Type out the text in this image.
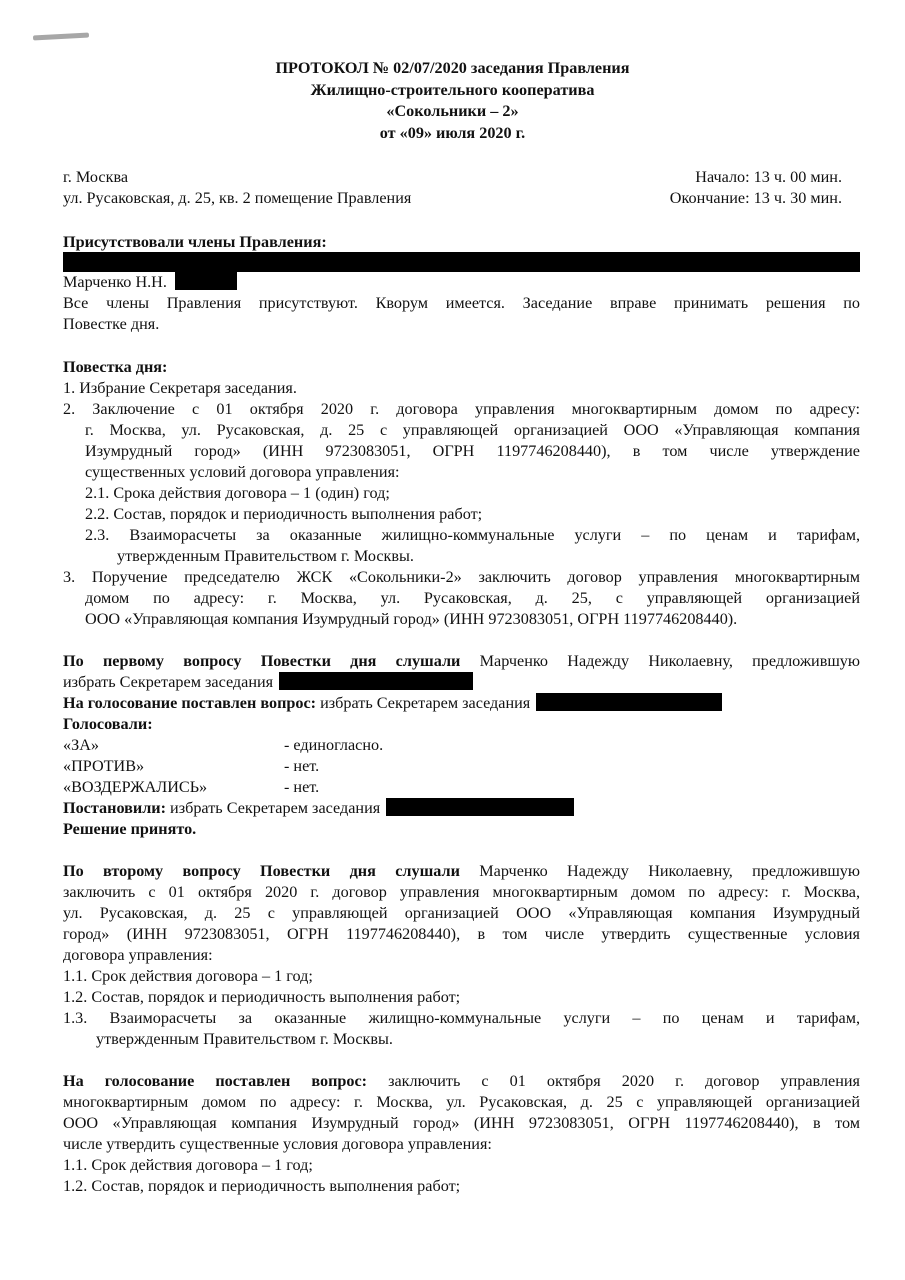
ПРОТОКОЛ № 02/07/2020 заседания Правления
Жилищно-строительного кооператива
«Сокольники – 2»
от «09» июля 2020 г.
г. Москва
ул. Русаковская, д. 25, кв. 2 помещение Правления
Начало: 13 ч. 00 мин.
Окончание: 13 ч. 30 мин.
Присутствовали члены Правления:
Марченко Н.Н.
Все члены Правления присутствуют. Кворум имеется. Заседание вправе принимать решения по
Повестке дня.
Повестка дня:
1. Избрание Секретаря заседания.
2. Заключение с 01 октября 2020 г. договора управления многоквартирным домом по адресу:
г. Москва, ул. Русаковская, д. 25 с управляющей организацией ООО «Управляющая компания
Изумрудный город» (ИНН 9723083051, ОГРН 1197746208440), в том числе утверждение
существенных условий договора управления:
2.1. Срока действия договора – 1 (один) год;
2.2. Состав, порядок и периодичность выполнения работ;
2.3. Взаиморасчеты за оказанные жилищно-коммунальные услуги – по ценам и тарифам,
утвержденным Правительством г. Москвы.
3. Поручение председателю ЖСК «Сокольники-2» заключить договор управления многоквартирным
домом по адресу: г. Москва, ул. Русаковская, д. 25, с управляющей организацией
ООО «Управляющая компания Изумрудный город» (ИНН 9723083051, ОГРН 1197746208440).
По первому вопросу Повестки дня слушали Марченко Надежду Николаевну, предложившую
избрать Секретарем заседания
На голосование поставлен вопрос: избрать Секретарем заседания
Голосовали:
«ЗА»	- единогласно.
«ПРОТИВ»	- нет.
«ВОЗДЕРЖАЛИСЬ»	- нет.
Постановили: избрать Секретарем заседания
Решение принято.
По второму вопросу Повестки дня слушали Марченко Надежду Николаевну, предложившую
заключить с 01 октября 2020 г. договор управления многоквартирным домом по адресу: г. Москва,
ул. Русаковская, д. 25 с управляющей организацией ООО «Управляющая компания Изумрудный
город» (ИНН 9723083051, ОГРН 1197746208440), в том числе утвердить существенные условия
договора управления:
1.1. Срок действия договора – 1 год;
1.2. Состав, порядок и периодичность выполнения работ;
1.3. Взаиморасчеты за оказанные жилищно-коммунальные услуги – по ценам и тарифам,
утвержденным Правительством г. Москвы.
На голосование поставлен вопрос: заключить с 01 октября 2020 г. договор управления
многоквартирным домом по адресу: г. Москва, ул. Русаковская, д. 25 с управляющей организацией
ООО «Управляющая компания Изумрудный город» (ИНН 9723083051, ОГРН 1197746208440), в том
числе утвердить существенные условия договора управления:
1.1. Срок действия договора – 1 год;
1.2. Состав, порядок и периодичность выполнения работ;
